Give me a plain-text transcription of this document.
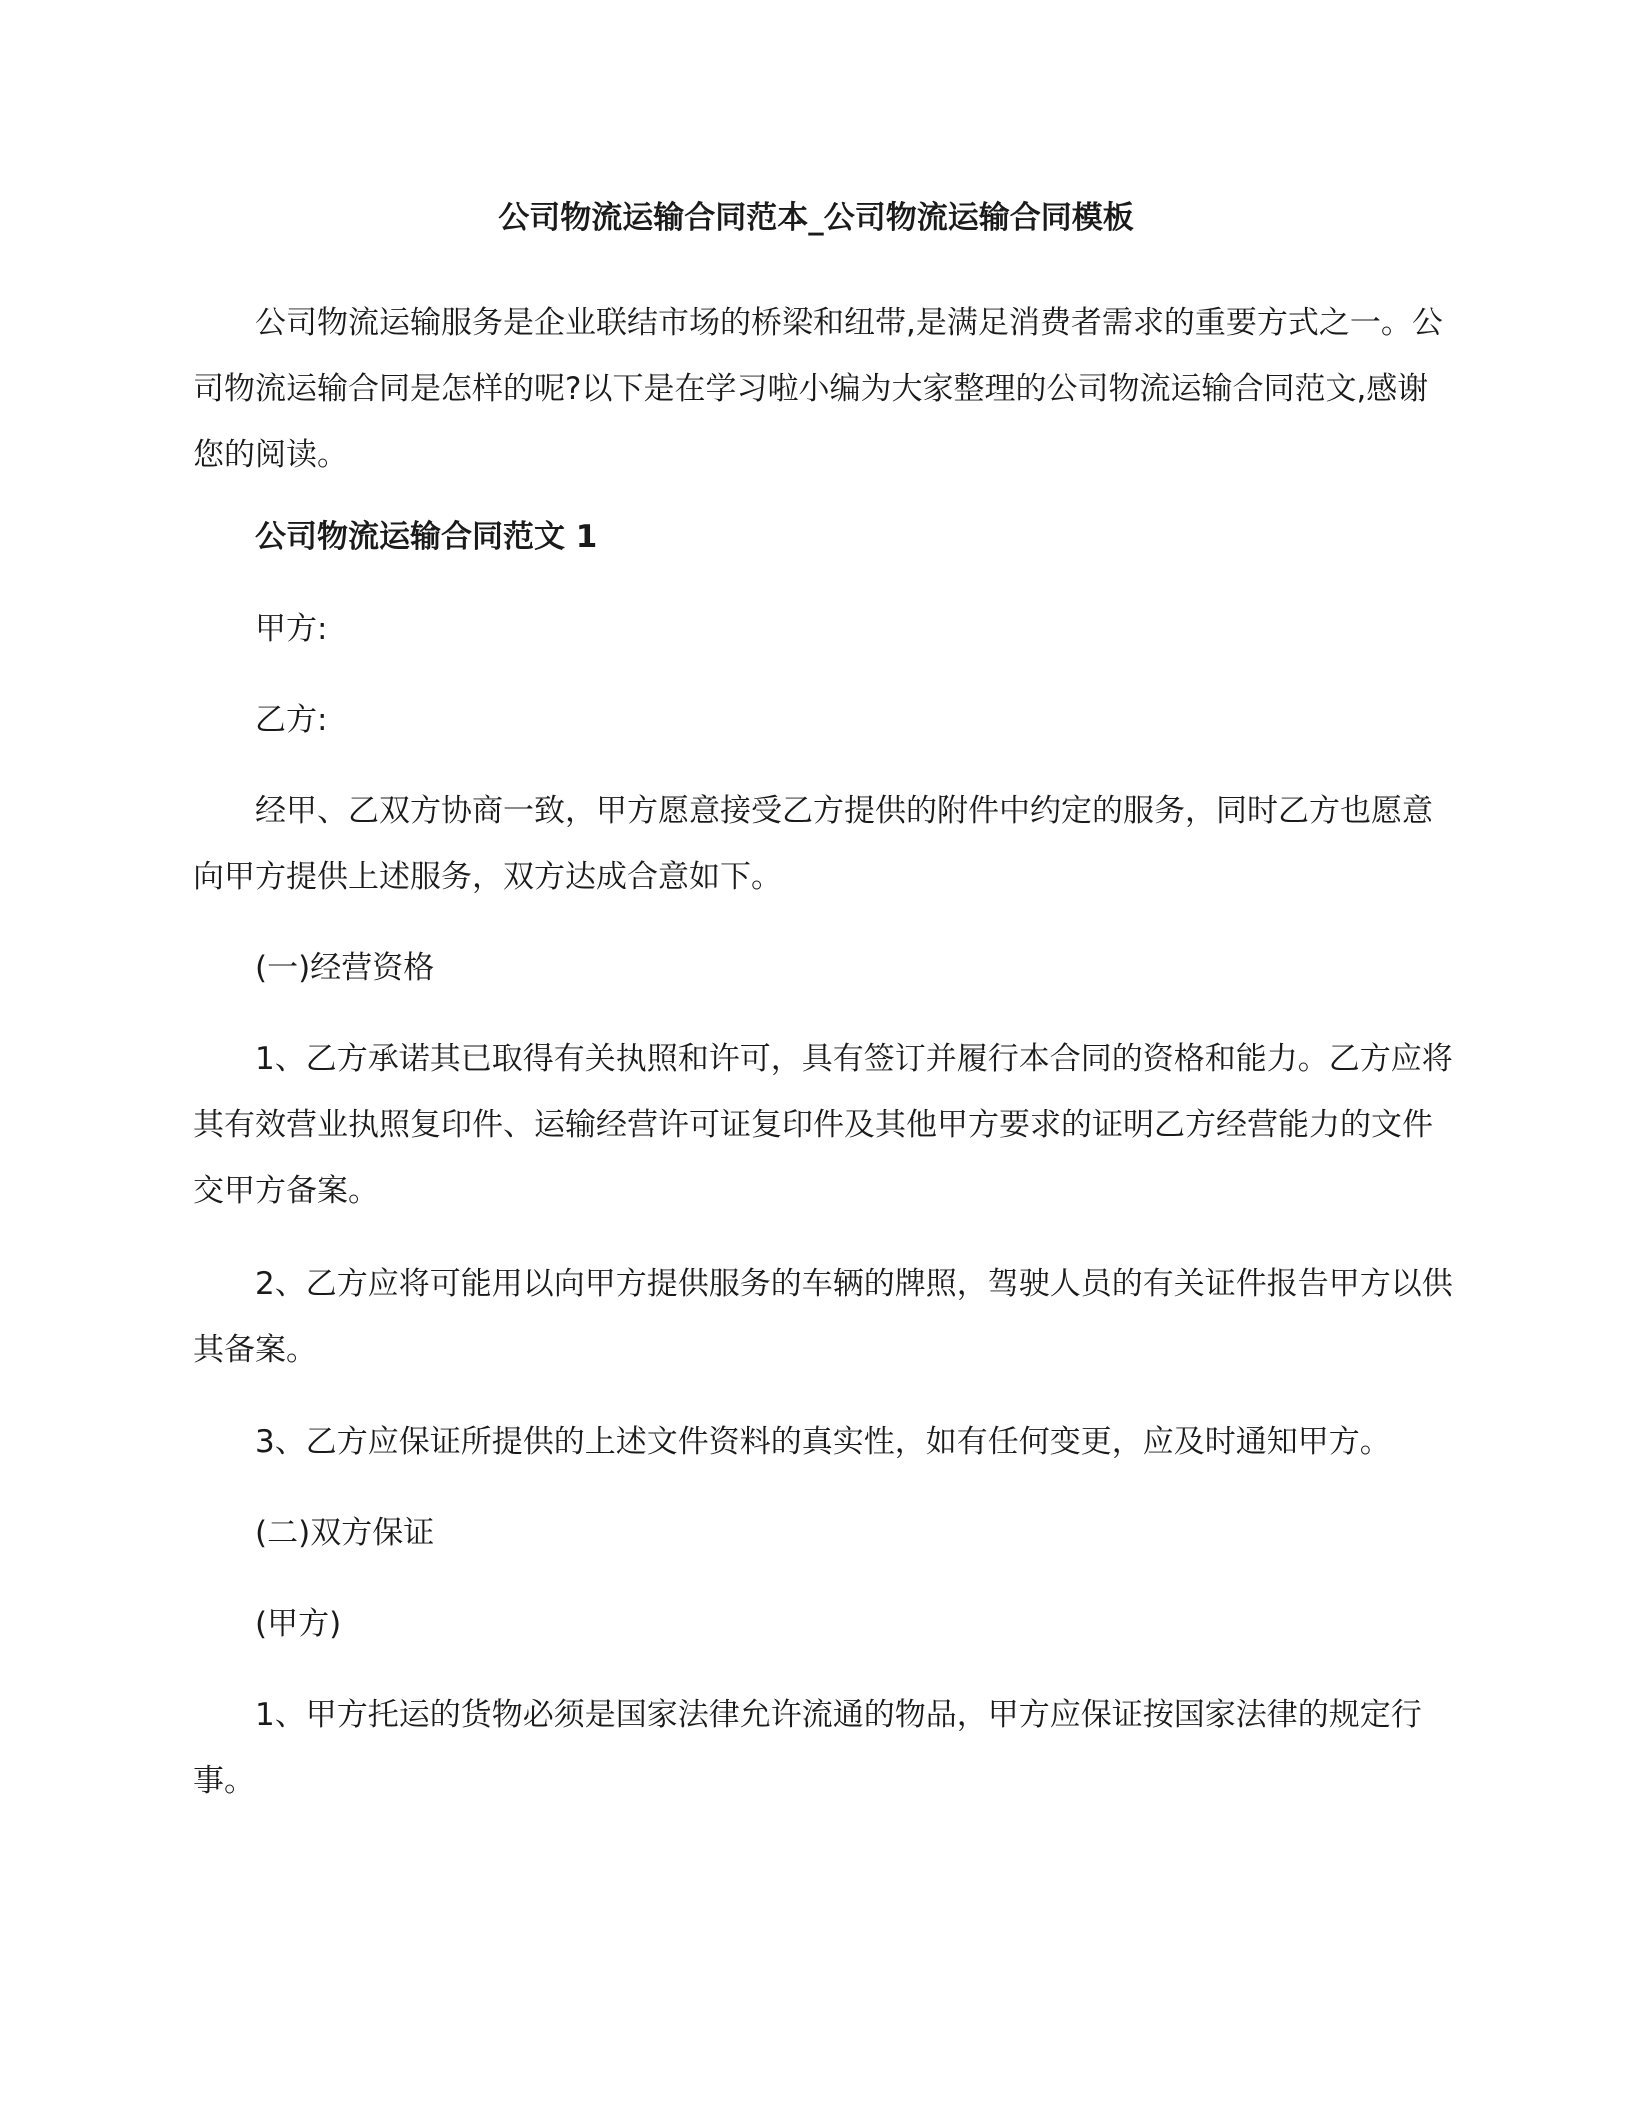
公司物流运输合同范本_公司物流运输合同模板

公司物流运输服务是企业联结市场的桥梁和纽带,是满足消费者需求的重要方式之一。公司物流运输合同是怎样的呢?以下是在学习啦小编为大家整理的公司物流运输合同范文,感谢您的阅读。

公司物流运输合同范文 1

甲方:

乙方:

经甲、乙双方协商一致，甲方愿意接受乙方提供的附件中约定的服务，同时乙方也愿意向甲方提供上述服务，双方达成合意如下。

(一)经营资格

1、乙方承诺其已取得有关执照和许可，具有签订并履行本合同的资格和能力。乙方应将其有效营业执照复印件、运输经营许可证复印件及其他甲方要求的证明乙方经营能力的文件交甲方备案。

2、乙方应将可能用以向甲方提供服务的车辆的牌照，驾驶人员的有关证件报告甲方以供其备案。

3、乙方应保证所提供的上述文件资料的真实性，如有任何变更，应及时通知甲方。

(二)双方保证

(甲方)

1、甲方托运的货物必须是国家法律允许流通的物品，甲方应保证按国家法律的规定行事。
